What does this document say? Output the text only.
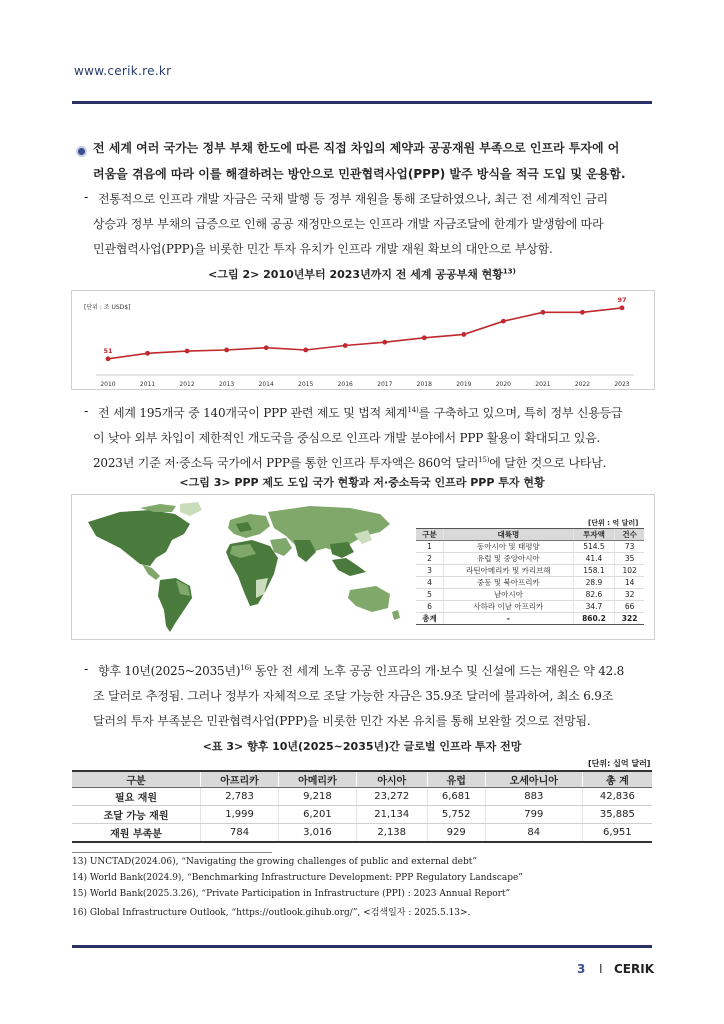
www.cerik.re.kr
전 세계 여러 국가는 정부 부채 한도에 따른 직접 차입의 제약과 공공재원 부족으로 인프라 투자에 어
려움을 겪음에 따라 이를 해결하려는 방안으로 민관협력사업(PPP) 발주 방식을 적극 도입 및 운용함.
- 전통적으로 인프라 개발 자금은 국채 발행 등 정부 재원을 통해 조달하였으나, 최근 전 세계적인 금리
상승과 정부 부채의 급증으로 인해 공공 재정만으로는 인프라 개발 자금조달에 한계가 발생함에 따라
민관협력사업(PPP)을 비롯한 민간 투자 유치가 인프라 개발 재원 확보의 대안으로 부상함.
<그림 2> 2010년부터 2023년까지 전 세계 공공부채 현황$^{13)}$
[단위 : 조 USD$]
2010
51
2011	2012	2013	2014	2015	2016	2017	2018	2019	2020	2021	2022	2023
97
- 전 세계 195개국 중 140개국이 PPP 관련 제도 및 법적 체계$^{14)}$를 구축하고 있으며, 특히 정부 신용등급
이 낮아 외부 차입이 제한적인 개도국을 중심으로 인프라 개발 분야에서 PPP 활용이 확대되고 있음.
2023년 기준 저·중소득 국가에서 PPP를 통한 인프라 투자액은 860억 달러$^{15)}$에 달한 것으로 나타남.
<그림 3> PPP 제도 도입 국가 현황과 저·중소득국 인프라 PPP 투자 현황
[단위 : 억 달러]
구분	대륙명	투자액	건수
1	동아시아 및 태평양	514.5	73
2	유럽 및 중앙아시아	41.4	35
3	라틴아메리카 및 카리브해	158.1	102
4	중동 및 북아프리카	28.9	14
5	남아시아	82.6	32
6	사하라 이남 아프리카	34.7	66
총계	-	860.2	322
- 향후 10년(2025~2035년)$^{16)}$ 동안 전 세계 노후 공공 인프라의 개·보수 및 신설에 드는 재원은 약 42.8
조 달러로 추정됨. 그러나 정부가 자체적으로 조달 가능한 자금은 35.9조 달러에 불과하여, 최소 6.9조
달러의 투자 부족분은 민관협력사업(PPP)을 비롯한 민간 자본 유치를 통해 보완할 것으로 전망됨.
<표 3> 향후 10년(2025~2035년)간 글로벌 인프라 투자 전망
[단위: 십억 달러]
구분	아프리카	아메리카	아시아	유럽	오세아니아	총 계
필요 재원	2,783	9,218	23,272	6,681	883	42,836
조달 가능 재원	1,999	6,201	21,134	5,752	799	35,885
재원 부족분	784	3,016	2,138	929	84	6,951
13) UNCTAD(2024.06), “Navigating the growing challenges of public and external debt”
14) World Bank(2024.9), “Benchmarking Infrastructure Development: PPP Regulatory Landscape”
15) World Bank(2025.3.26), “Private Participation in Infrastructure (PPI) : 2023 Annual Report”
16) Global Infrastructure Outlook, “https://outlook.gihub.org/”, <검색일자 : 2025.5.13>.
3 I CERIK
